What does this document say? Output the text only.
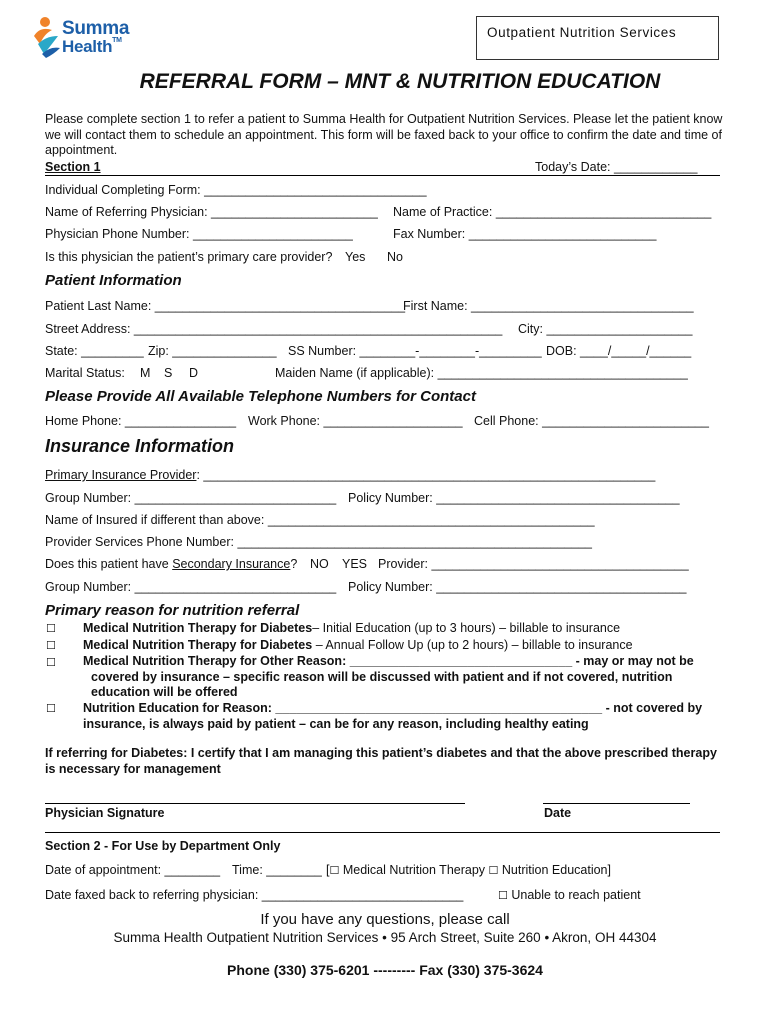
Summa
Health™
Outpatient Nutrition Services
REFERRAL FORM – MNT & NUTRITION EDUCATION
Please complete section 1 to refer a patient to Summa Health for Outpatient Nutrition Services. Please let the patient know we will contact them to schedule an appointment. This form will be faxed back to your office to confirm the date and time of appointment.
Section 1	Today’s Date: ____________
Individual Completing Form: ________________________________
Name of Referring Physician: ________________________ Name of Practice: _______________________________
Physician Phone Number: _______________________	Fax Number: ___________________________
Is this physician the patient’s primary care provider? Yes No
Patient Information
Patient Last Name: ____________________________________
First Name: ________________________________
Street Address: _____________________________________________________ City: _____________________
State: _________ Zip: _______________ SS Number: ________-________-_________ DOB: ____/_____/______
Marital Status: M S D	Maiden Name (if applicable): ____________________________________
Please Provide All Available Telephone Numbers for Contact
Home Phone: ________________ Work Phone: ____________________ Cell Phone: ________________________
Insurance Information
Primary Insurance Provider: _________________________________________________________________
Group Number: _____________________________ Policy Number: ___________________________________
Name of Insured if different than above: _______________________________________________
Provider Services Phone Number: ___________________________________________________
Does this patient have Secondary Insurance? NO YES Provider: _____________________________________
Group Number: _____________________________ Policy Number: ____________________________________
Primary reason for nutrition referral
☐ Medical Nutrition Therapy for Diabetes– Initial Education (up to 3 hours) – billable to insurance
☐ Medical Nutrition Therapy for Diabetes – Annual Follow Up (up to 2 hours) – billable to insurance
☐ Medical Nutrition Therapy for Other Reason: ________________________________ - may or may not be
covered by insurance – specific reason will be discussed with patient and if not covered, nutrition
education will be offered
☐ Nutrition Education for Reason: _______________________________________________ - not covered by
insurance, is always paid by patient – can be for any reason, including healthy eating
If referring for Diabetes: I certify that I am managing this patient’s diabetes and that the above prescribed therapy
is necessary for management
Physician Signature	Date
Section 2 - For Use by Department Only
Date of appointment: ________ Time: ________ [☐ Medical Nutrition Therapy ☐ Nutrition Education]
Date faxed back to referring physician: _____________________________	☐ Unable to reach patient
If you have any questions, please call
Summa Health Outpatient Nutrition Services • 95 Arch Street, Suite 260 • Akron, OH 44304
Phone (330) 375-6201 --------- Fax (330) 375-3624
